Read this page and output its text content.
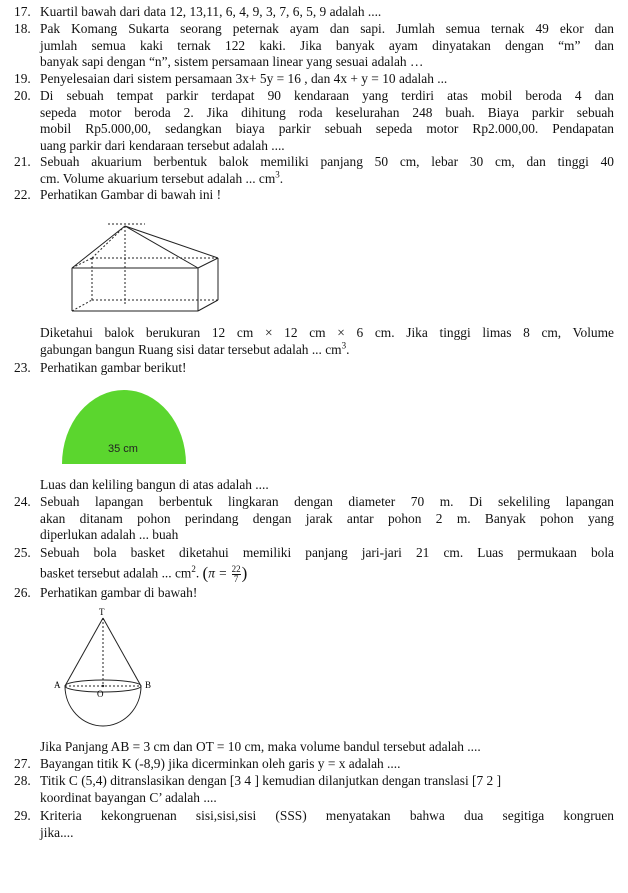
17. Kuartil bawah dari data 12, 13,11, 6, 4, 9, 3, 7, 6, 5, 9 adalah ....
18. Pak Komang Sukarta seorang peternak ayam dan sapi. Jumlah semua ternak 49 ekor dan
jumlah semua kaki ternak 122 kaki. Jika banyak ayam dinyatakan dengan “m” dan
banyak sapi dengan “n”, sistem persamaan linear yang sesuai adalah …
19. Penyelesaian dari sistem persamaan 3x+ 5y = 16 , dan 4x + y = 10 adalah ...
20. Di sebuah tempat parkir terdapat 90 kendaraan yang terdiri atas mobil beroda 4 dan
sepeda motor beroda 2. Jika dihitung roda keselurahan 248 buah. Biaya parkir sebuah
mobil Rp5.000,00, sedangkan biaya parkir sebuah sepeda motor Rp2.000,00. Pendapatan
uang parkir dari kendaraan tersebut adalah ....
21. Sebuah akuarium berbentuk balok memiliki panjang 50 cm, lebar 30 cm, dan tinggi 40
cm. Volume akuarium tersebut adalah ... $cm^3$.
22. Perhatikan Gambar di bawah ini !
Diketahui balok berukuran 12 cm × 12 cm × 6 cm. Jika tinggi limas 8 cm, Volume
gabungan bangun Ruang sisi datar tersebut adalah ... $cm^3$.
23. Perhatikan gambar berikut!
35 cm
Luas dan keliling bangun di atas adalah ....
24. Sebuah lapangan berbentuk lingkaran dengan diameter 70 m. Di sekeliling lapangan
akan ditanam pohon perindang dengan jarak antar pohon 2 m. Banyak pohon yang
diperlukan adalah ... buah
25. Sebuah bola basket diketahui memiliki panjang jari-jari 21 cm. Luas permukaan bola
basket tersebut adalah ... $cm^2$. ($\pi = \frac{22}{7}$ )
26. Perhatikan gambar di bawah!
T
A
O
B
Jika Panjang AB = 3 cm dan OT = 10 cm, maka volume bandul tersebut adalah ....
27. Bayangan titik K (-8,9) jika dicerminkan oleh garis y = x adalah ....
28. Titik C (5,4) ditranslasikan dengan [3 4 ] kemudian dilanjutkan dengan translasi [7 2 ]
koordinat bayangan C’ adalah ....
29. Kriteria kekongruenan sisi,sisi,sisi (SSS) menyatakan bahwa dua segitiga kongruen
jika....
